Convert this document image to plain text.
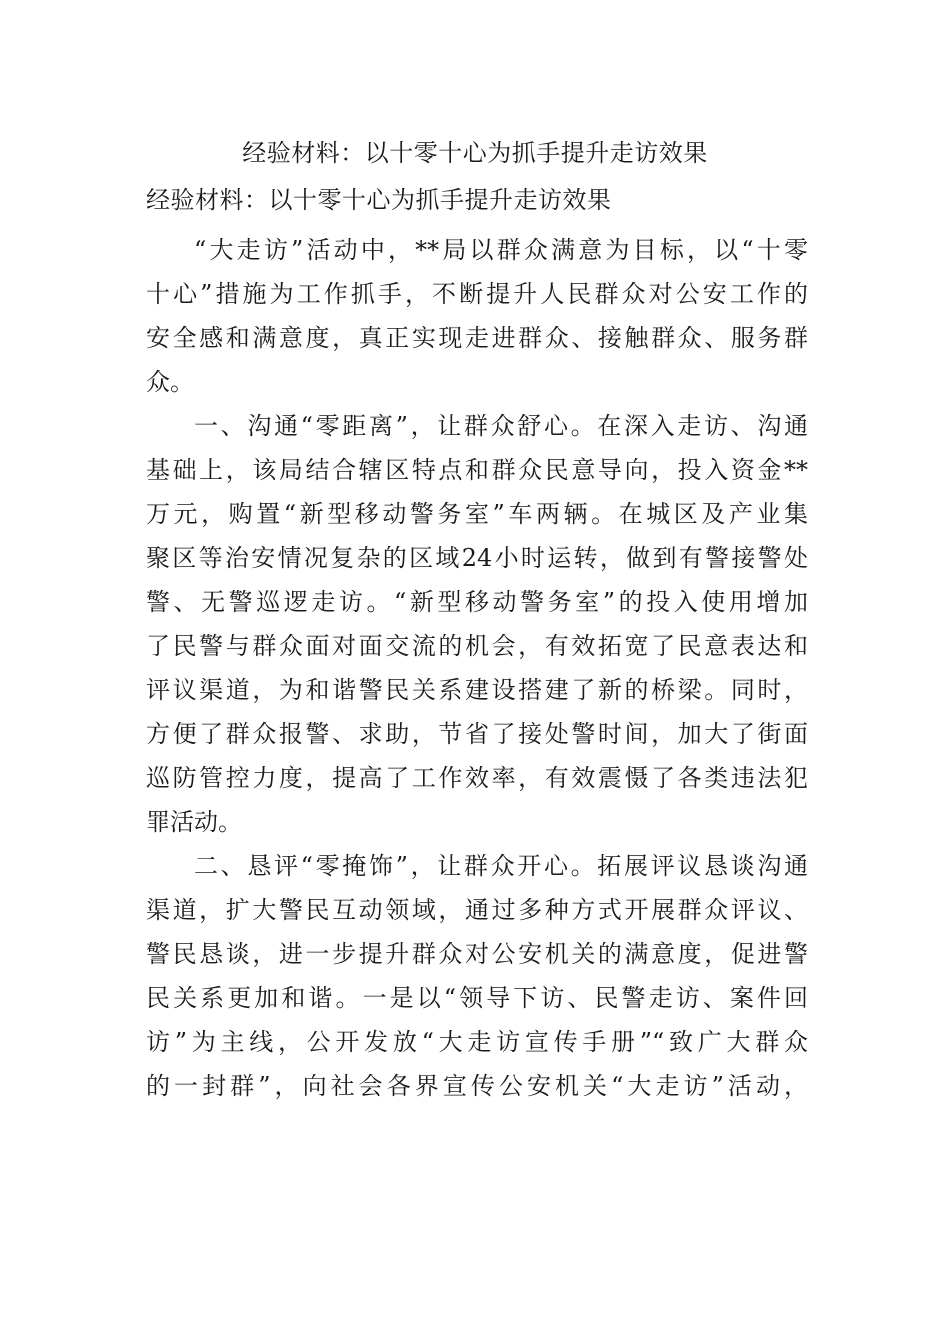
经验材料：以十零十心为抓手提升走访效果
经验材料：以十零十心为抓手提升走访效果
“大走访”活动中，**局以群众满意为目标，以“十零
十心”措施为工作抓手，不断提升人民群众对公安工作的
安全感和满意度，真正实现走进群众、接触群众、服务群
众。
一、沟通“零距离”，让群众舒心。在深入走访、沟通
基础上，该局结合辖区特点和群众民意导向，投入资金**
万元，购置“新型移动警务室”车两辆。在城区及产业集
聚区等治安情况复杂的区域24小时运转，做到有警接警处
警、无警巡逻走访。“新型移动警务室”的投入使用增加
了民警与群众面对面交流的机会，有效拓宽了民意表达和
评议渠道，为和谐警民关系建设搭建了新的桥梁。同时，
方便了群众报警、求助，节省了接处警时间，加大了街面
巡防管控力度，提高了工作效率，有效震慑了各类违法犯
罪活动。
二、恳评“零掩饰”，让群众开心。拓展评议恳谈沟通
渠道，扩大警民互动领域，通过多种方式开展群众评议、
警民恳谈，进一步提升群众对公安机关的满意度，促进警
民关系更加和谐。一是以“领导下访、民警走访、案件回
访”为主线，公开发放“大走访宣传手册”“致广大群众
的一封群”，向社会各界宣传公安机关“大走访”活动，
